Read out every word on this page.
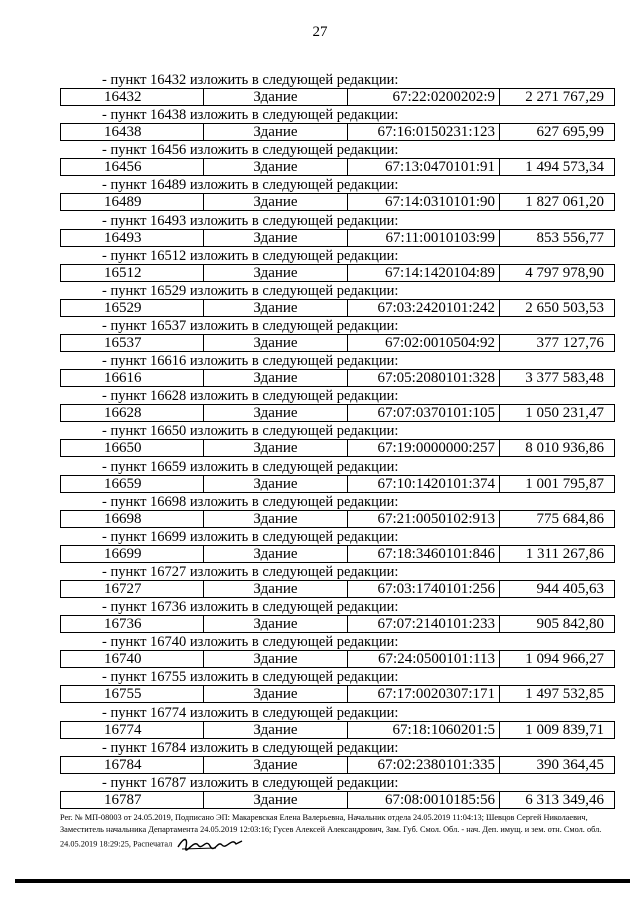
27
- пункт 16432 изложить в следующей редакции:
16432	Здание	67:22:0200202:9	2 271 767,29
- пункт 16438 изложить в следующей редакции:
16438	Здание	67:16:0150231:123	627 695,99
- пункт 16456 изложить в следующей редакции:
16456	Здание	67:13:0470101:91	1 494 573,34
- пункт 16489 изложить в следующей редакции:
16489	Здание	67:14:0310101:90	1 827 061,20
- пункт 16493 изложить в следующей редакции:
16493	Здание	67:11:0010103:99	853 556,77
- пункт 16512 изложить в следующей редакции:
16512	Здание	67:14:1420104:89	4 797 978,90
- пункт 16529 изложить в следующей редакции:
16529	Здание	67:03:2420101:242	2 650 503,53
- пункт 16537 изложить в следующей редакции:
16537	Здание	67:02:0010504:92	377 127,76
- пункт 16616 изложить в следующей редакции:
16616	Здание	67:05:2080101:328	3 377 583,48
- пункт 16628 изложить в следующей редакции:
16628	Здание	67:07:0370101:105	1 050 231,47
- пункт 16650 изложить в следующей редакции:
16650	Здание	67:19:0000000:257	8 010 936,86
- пункт 16659 изложить в следующей редакции:
16659	Здание	67:10:1420101:374	1 001 795,87
- пункт 16698 изложить в следующей редакции:
16698	Здание	67:21:0050102:913	775 684,86
- пункт 16699 изложить в следующей редакции:
16699	Здание	67:18:3460101:846	1 311 267,86
- пункт 16727 изложить в следующей редакции:
16727	Здание	67:03:1740101:256	944 405,63
- пункт 16736 изложить в следующей редакции:
16736	Здание	67:07:2140101:233	905 842,80
- пункт 16740 изложить в следующей редакции:
16740	Здание	67:24:0500101:113	1 094 966,27
- пункт 16755 изложить в следующей редакции:
16755	Здание	67:17:0020307:171	1 497 532,85
- пункт 16774 изложить в следующей редакции:
16774	Здание	67:18:1060201:5	1 009 839,71
- пункт 16784 изложить в следующей редакции:
16784	Здание	67:02:2380101:335	390 364,45
- пункт 16787 изложить в следующей редакции:
16787	Здание	67:08:0010185:56	6 313 349,46
Рег. № МП-08003 от 24.05.2019, Подписано ЭП: Макаревская Елена Валерьевна, Начальник отдела 24.05.2019 11:04:13; Шевцов Сергей Николаевич, Заместитель начальника Департамента 24.05.2019 12:03:16; Гусев Алексей Александрович, Зам. Губ. Смол. Обл. - нач. Деп. имущ. и зем. отн. Смол. обл. 24.05.2019 18:29:25, Распечатал
